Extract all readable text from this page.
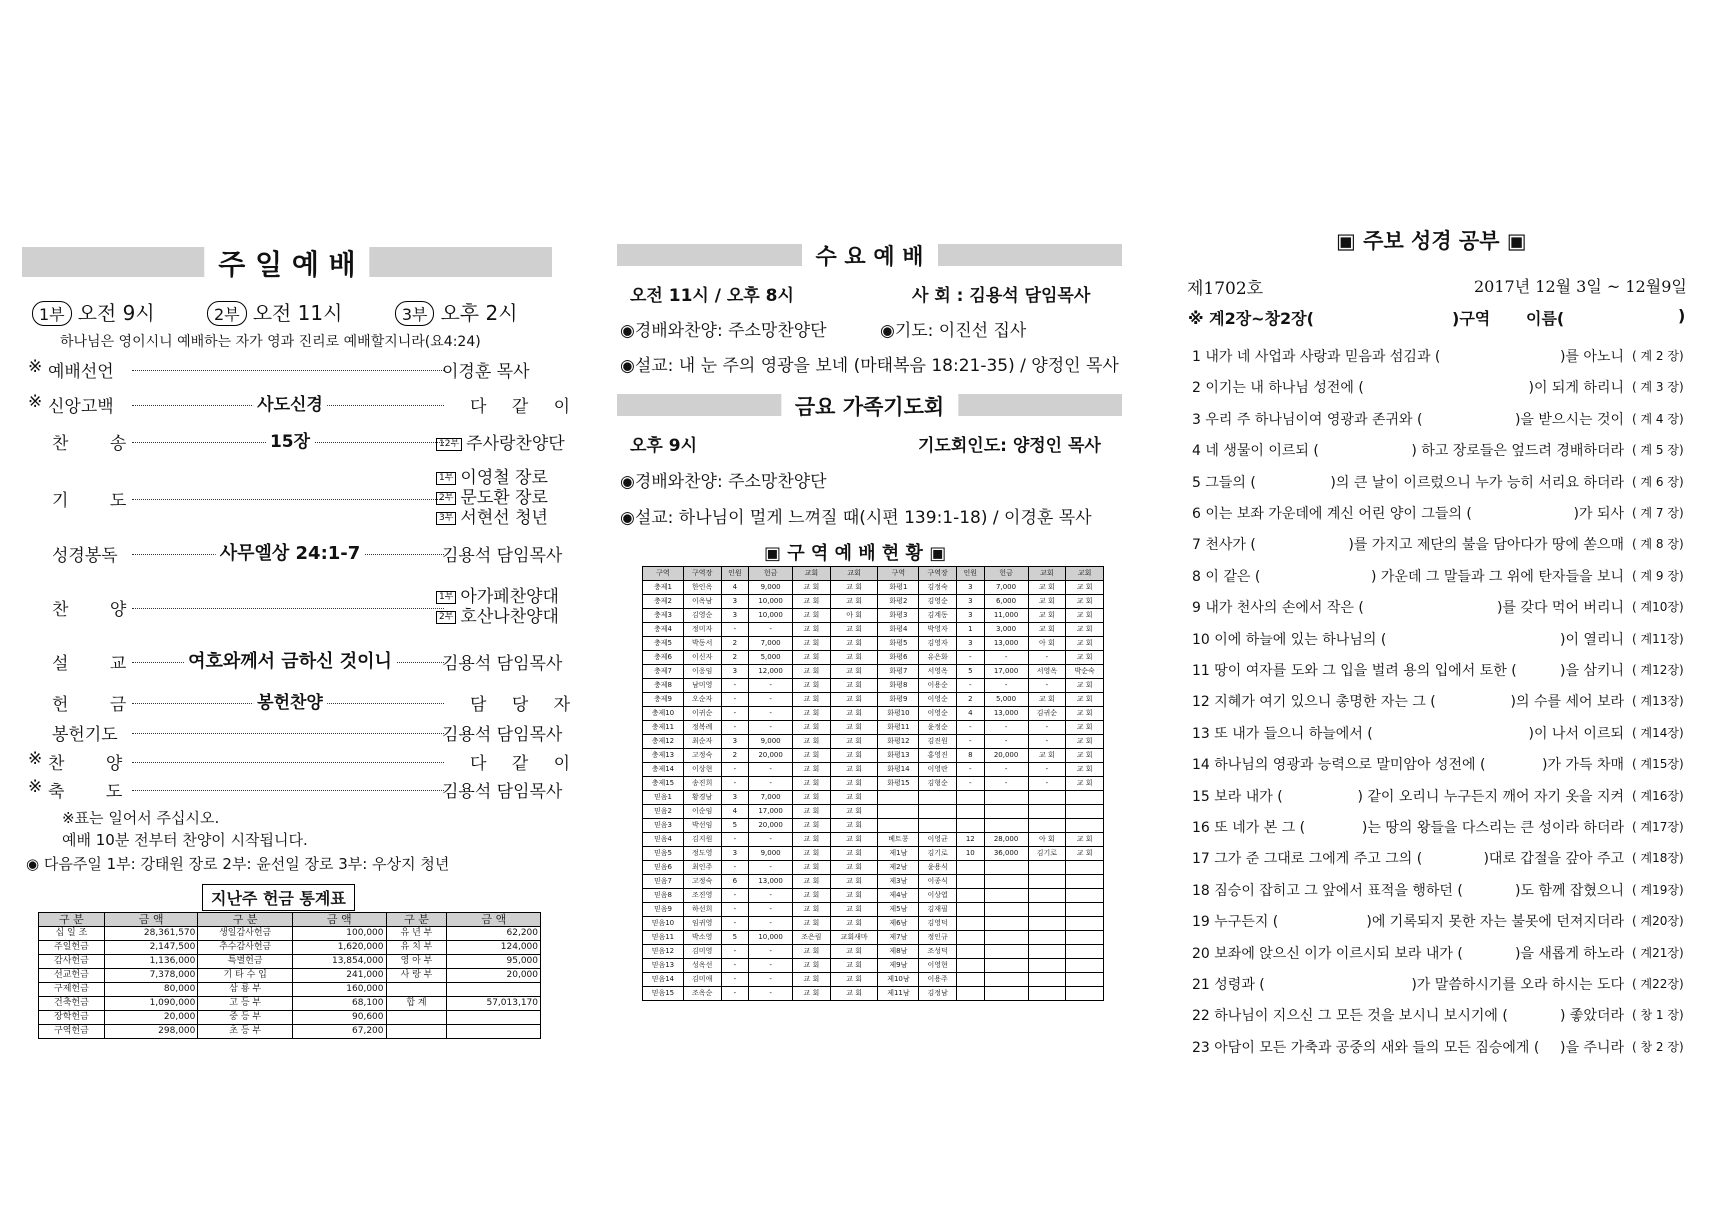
주 일 예 배
1부 오전 9시	2부 오전 11시	3부 오후 2시
하나님은 영이시니 예배하는 자가 영과 진리로 예배할지니라(요4:24)
※ 예배선언	이경훈 목사
※ 신앙고백	사도신경	다 같 이
찬 송	15장	12부 주사랑찬양단
기 도
1부 이영철 장로
2부 문도환 장로
3부 서현선 청년
성경봉독	사무엘상 24:1-7	김용석 담임목사
찬 양
1부 아가페찬양대
2부 호산나찬양대
설 교 여호와께서 금하신 것이니	김용석 담임목사
헌 금	봉헌찬양	담 당 자
봉헌기도	김용석 담임목사
※ 찬 양	다 같 이
※ 축 도	김용석 담임목사
※표는 일어서 주십시오.
예배 10분 전부터 찬양이 시작됩니다.
◉ 다음주일 1부: 강태원 장로 2부: 윤선일 장로 3부: 우상지 청년
지난주 헌금 통계표
구 분	금 액	구 분	금 액	구 분	금 액
십 일 조	28,361,570	생일감사헌금	100,000	유 년 부	62,200
주일헌금	2,147,500	추수감사헌금	1,620,000	유 치 부	124,000
감사헌금	1,136,000	특별헌금	13,854,000	영 아 부	95,000
선교헌금	7,378,000	기 타 수 입	241,000	사 랑 부	20,000
구제헌금	80,000	삼 룡 부	160,000		
건축헌금	1,090,000	고 등 부	68,100	합 계	57,013,170
장학헌금	20,000	중 등 부	90,600		
구역헌금	298,000	초 등 부	67,200		
수 요 예 배
오전 11시 / 오후 8시	사 회 : 김용석 담임목사
◉경배와찬양: 주소망찬양단	◉기도: 이진선 집사
◉설교: 내 눈 주의 영광을 보네 (마태복음 18:21-35) / 양정인 목사
금요 가족기도회
오후 9시	기도회인도: 양정인 목사
◉경배와찬양: 주소망찬양단
◉설교: 하나님이 멀게 느껴질 때(시편 139:1-18) / 이경훈 목사
▣ 구 역 예 배 현 황 ▣
구역	구역장	인원	헌금	교회	교회	구역	구역장	인원	헌금	교회	교회
충제1	한인옥	4	9,000	교 회	교 회	화평1	김정숙	3	7,000	교 회	교 회
충제2	이옥남	3	10,000	교 회	교 회	화평2	김영순	3	6,000	교 회	교 회
충제3	김영순	3	10,000	교 회	아 회	화평3	김계동	3	11,000	교 회	교 회
충제4	정미자	-	-	교 회	교 회	화평4	박영자	1	3,000	교 회	교 회
충제5	박동서	2	7,000	교 회	교 회	화평5	김영자	3	13,000	아 회	교 회
충제6	이신자	2	5,000	교 회	교 회	화평6	유은화	-	-	-	교 회
충제7	이응임	3	12,000	교 회	교 회	화평7	서영옥	5	17,000	서영옥	박순숙
충제8	남미영	-	-	교 회	교 회	화평8	이용순	-	-	-	교 회
충제9	오순자	-	-	교 회	교 회	화평9	이영순	2	5,000	교 회	교 회
충제10	이귀순	-	-	교 회	교 회	화평10	이영순	4	13,000	김귀순	교 회
충제11	정복례	-	-	교 회	교 회	화평11	윤정순	-	-	-	교 회
충제12	최순자	3	9,000	교 회	교 회	화평12	김진원	-	-	-	교 회
충제13	고정숙	2	20,000	교 회	교 회	화평13	홍영진	8	20,000	교 회	교 회
충제14	이상현	-	-	교 회	교 회	화평14	이영란	-	-	-	교 회
충제15	송진희	-	-	교 회	교 회	화평15	김형순	-	-	-	교 회
믿음1	황경남	3	7,000	교 회	교 회						
믿음2	이순임	4	17,000	교 회	교 회						
믿음3	박선임	5	20,000	교 회	교 회						
믿음4	김지원	-	-	교 회	교 회	베트콩	이영균	12	28,000	아 회	교 회
믿음5	정도영	3	9,000	교 회	교 회	제1남	김기로	10	36,000	김기로	교 회
믿음6	최인주	-	-	교 회	교 회	제2남	윤용식				
믿음7	고정숙	6	13,000	교 회	교 회	제3남	이종식				
믿음8	조진영	-	-	교 회	교 회	제4남	이상엽				
믿음9	하선희	-	-	교 회	교 회	제5남	김재필				
믿음10	임귀영	-	-	교 회	교 회	제6남	김영덕				
믿음11	박소영	5	10,000	조은림	교회새마	제7남	정인규				
믿음12	김미영	-	-	교 회	교 회	제8남	조성덕				
믿음13	성옥선	-	-	교 회	교 회	제9남	이영현				
믿음14	김미애	-	-	교 회	교 회	제10남	이용주				
믿음15	조옥순	-	-	교 회	교 회	제11남	김정남				
▣ 주보 성경 공부 ▣
제1702호	2017년 12월 3일 ~ 12월9일
※ 계2장~창2장(	)구역 이름(	)
1 내가 네 사업과 사랑과 믿음과 섬김과 (	)를 아노니 ( 계 2 장)
2 이기는 내 하나님 성전에 (	)이 되게 하리니 ( 계 3 장)
3 우리 주 하나님이여 영광과 존귀와 (	)을 받으시는 것이 ( 계 4 장)
4 네 생물이 이르되 (	) 하고 장로들은 엎드려 경배하더라 ( 계 5 장)
5 그들의 (	)의 큰 날이 이르렀으니 누가 능히 서리요 하더라 ( 계 6 장)
6 이는 보좌 가운데에 계신 어린 양이 그들의 (	)가 되사 ( 계 7 장)
7 천사가 (	)를 가지고 제단의 불을 담아다가 땅에 쏟으매 ( 계 8 장)
8 이 같은 (	) 가운데 그 말들과 그 위에 탄자들을 보니 ( 계 9 장)
9 내가 천사의 손에서 작은 (	)를 갖다 먹어 버리니 ( 계10장)
10 이에 하늘에 있는 하나님의 (	)이 열리니 ( 계11장)
11 땅이 여자를 도와 그 입을 벌려 용의 입에서 토한 (	)을 삼키니 ( 계12장)
12 지혜가 여기 있으니 총명한 자는 그 (	)의 수를 세어 보라 ( 계13장)
13 또 내가 들으니 하늘에서 (	)이 나서 이르되 ( 계14장)
14 하나님의 영광과 능력으로 말미암아 성전에 (	)가 가득 차매 ( 계15장)
15 보라 내가 (	) 같이 오리니 누구든지 깨어 자기 옷을 지켜 ( 계16장)
16 또 네가 본 그 (	)는 땅의 왕들을 다스리는 큰 성이라 하더라 ( 계17장)
17 그가 준 그대로 그에게 주고 그의 (	)대로 갑절을 갚아 주고 ( 계18장)
18 짐승이 잡히고 그 앞에서 표적을 행하던 (	)도 함께 잡혔으니 ( 계19장)
19 누구든지 (	)에 기록되지 못한 자는 불못에 던져지더라 ( 계20장)
20 보좌에 앉으신 이가 이르시되 보라 내가 (	)을 새롭게 하노라 ( 계21장)
21 성령과 (	)가 말씀하시기를 오라 하시는 도다 ( 계22장)
22 하나님이 지으신 그 모든 것을 보시니 보시기에 (	) 좋았더라 ( 창 1 장)
23 아담이 모든 가축과 공중의 새와 들의 모든 짐승에게 ( )을 주니라 ( 창 2 장)
